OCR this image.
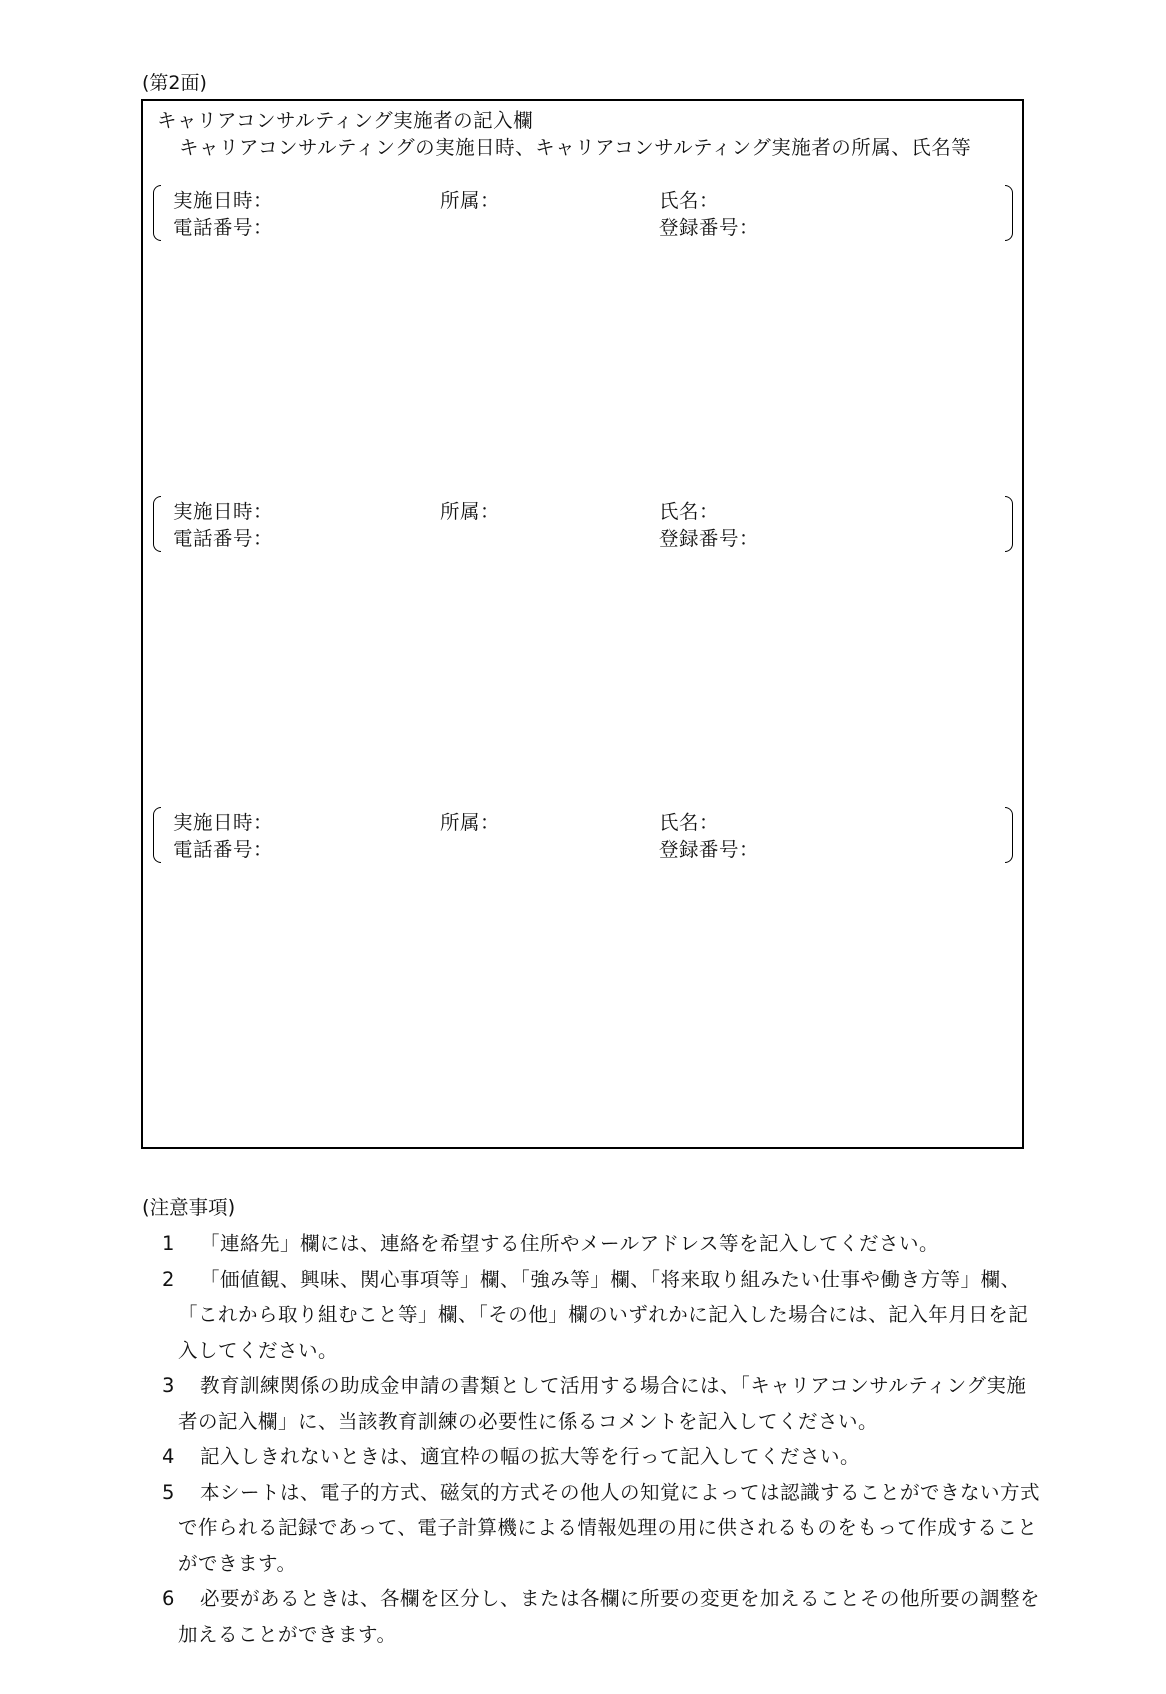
(第2面)
キャリアコンサルティング実施者の記入欄
キャリアコンサルティングの実施日時、キャリアコンサルティング実施者の所属、氏名等
実施日時：	所属：	氏名：
電話番号：	登録番号：
実施日時：	所属：	氏名：
電話番号：	登録番号：
実施日時：	所属：	氏名：
電話番号：	登録番号：
(注意事項)
1	「連絡先」欄には、連絡を希望する住所やメールアドレス等を記入してください。
2	「価値観、興味、関心事項等」欄、「強み等」欄、「将来取り組みたい仕事や働き方等」欄、「これから取り組むこと等」欄、「その他」欄のいずれかに記入した場合には、記入年月日を記入してください。
3	教育訓練関係の助成金申請の書類として活用する場合には、「キャリアコンサルティング実施者の記入欄」に、当該教育訓練の必要性に係るコメントを記入してください。
4	記入しきれないときは、適宜枠の幅の拡大等を行って記入してください。
5	本シートは、電子的方式、磁気的方式その他人の知覚によっては認識することができない方式で作られる記録であって、電子計算機による情報処理の用に供されるものをもって作成することができます。
6	必要があるときは、各欄を区分し、または各欄に所要の変更を加えることその他所要の調整を加えることができます。
